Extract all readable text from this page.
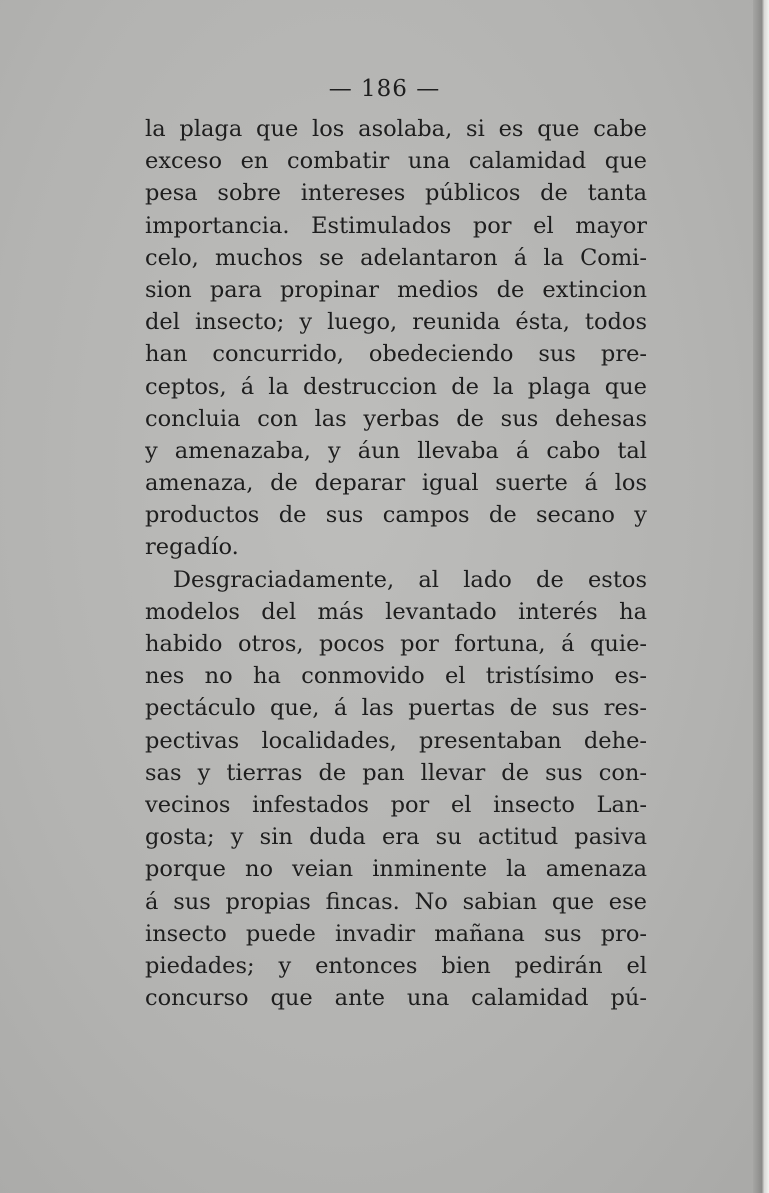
— 186 —
la plaga que los asolaba, si es que cabe
exceso en combatir una calamidad que
pesa sobre intereses públicos de tanta
importancia. Estimulados por el mayor
celo, muchos se adelantaron á la Comi-
sion para propinar medios de extincion
del insecto; y luego, reunida ésta, todos
han concurrido, obedeciendo sus pre-
ceptos, á la destruccion de la plaga que
concluia con las yerbas de sus dehesas
y amenazaba, y áun llevaba á cabo tal
amenaza, de deparar igual suerte á los
productos de sus campos de secano y
regadío.
Desgraciadamente, al lado de estos
modelos del más levantado interés ha
habido otros, pocos por fortuna, á quie-
nes no ha conmovido el tristísimo es-
pectáculo que, á las puertas de sus res-
pectivas localidades, presentaban dehe-
sas y tierras de pan llevar de sus con-
vecinos infestados por el insecto Lan-
gosta; y sin duda era su actitud pasiva
porque no veian inminente la amenaza
á sus propias fincas. No sabian que ese
insecto puede invadir mañana sus pro-
piedades; y entonces bien pedirán el
concurso que ante una calamidad pú-
